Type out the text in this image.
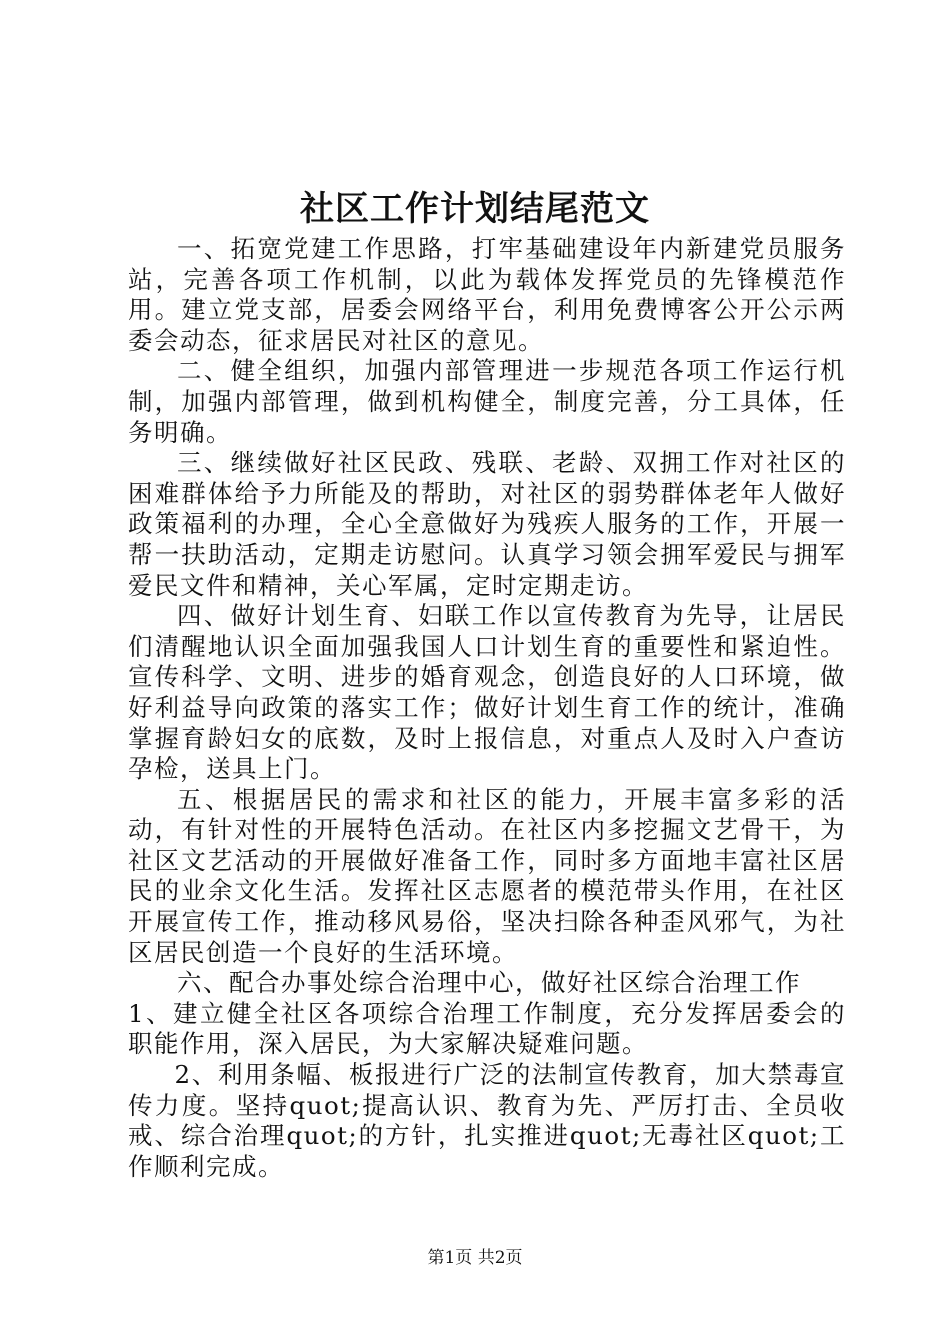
社区工作计划结尾范文

一、拓宽党建工作思路，打牢基础建设年内新建党员服务站，完善各项工作机制，以此为载体发挥党员的先锋模范作用。建立党支部，居委会网络平台，利用免费博客公开公示两委会动态，征求居民对社区的意见。

二、健全组织，加强内部管理进一步规范各项工作运行机制，加强内部管理，做到机构健全，制度完善，分工具体，任务明确。

三、继续做好社区民政、残联、老龄、双拥工作对社区的困难群体给予力所能及的帮助，对社区的弱势群体老年人做好政策福利的办理，全心全意做好为残疾人服务的工作，开展一帮一扶助活动，定期走访慰问。认真学习领会拥军爱民与拥军爱民文件和精神，关心军属，定时定期走访。

四、做好计划生育、妇联工作以宣传教育为先导，让居民们清醒地认识全面加强我国人口计划生育的重要性和紧迫性。宣传科学、文明、进步的婚育观念，创造良好的人口环境，做好利益导向政策的落实工作；做好计划生育工作的统计，准确掌握育龄妇女的底数，及时上报信息，对重点人及时入户查访孕检，送具上门。

五、根据居民的需求和社区的能力，开展丰富多彩的活动，有针对性的开展特色活动。在社区内多挖掘文艺骨干，为社区文艺活动的开展做好准备工作，同时多方面地丰富社区居民的业余文化生活。发挥社区志愿者的模范带头作用，在社区开展宣传工作，推动移风易俗，坚决扫除各种歪风邪气，为社区居民创造一个良好的生活环境。

六、配合办事处综合治理中心，做好社区综合治理工作

1、建立健全社区各项综合治理工作制度，充分发挥居委会的职能作用，深入居民，为大家解决疑难问题。

2、利用条幅、板报进行广泛的法制宣传教育，加大禁毒宣传力度。坚持quot;提高认识、教育为先、严厉打击、全员收戒、综合治理quot;的方针，扎实推进quot;无毒社区quot;工作顺利完成。

第1页 共2页
